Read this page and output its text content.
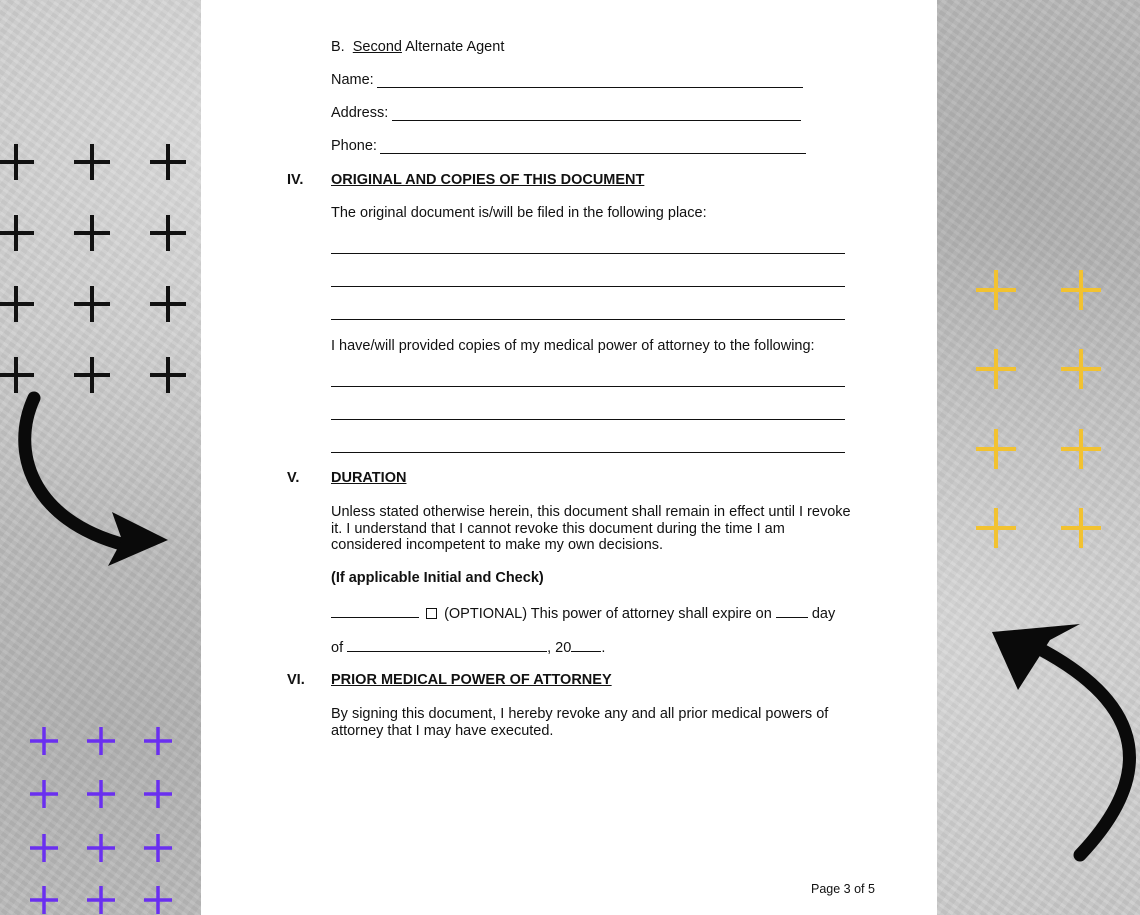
B. Second Alternate Agent
Name:
Address:
Phone:
IV. ORIGINAL AND COPIES OF THIS DOCUMENT
The original document is/will be filed in the following place:
I have/will provided copies of my medical power of attorney to the following:
V. DURATION
Unless stated otherwise herein, this document shall remain in effect until I revoke it. I understand that I cannot revoke this document during the time I am considered incompetent to make my own decisions.
(If applicable Initial and Check)
(OPTIONAL) This power of attorney shall expire on	day
of	, 20 .
VI. PRIOR MEDICAL POWER OF ATTORNEY
By signing this document, I hereby revoke any and all prior medical powers of attorney that I may have executed.
Page 3 of 5
